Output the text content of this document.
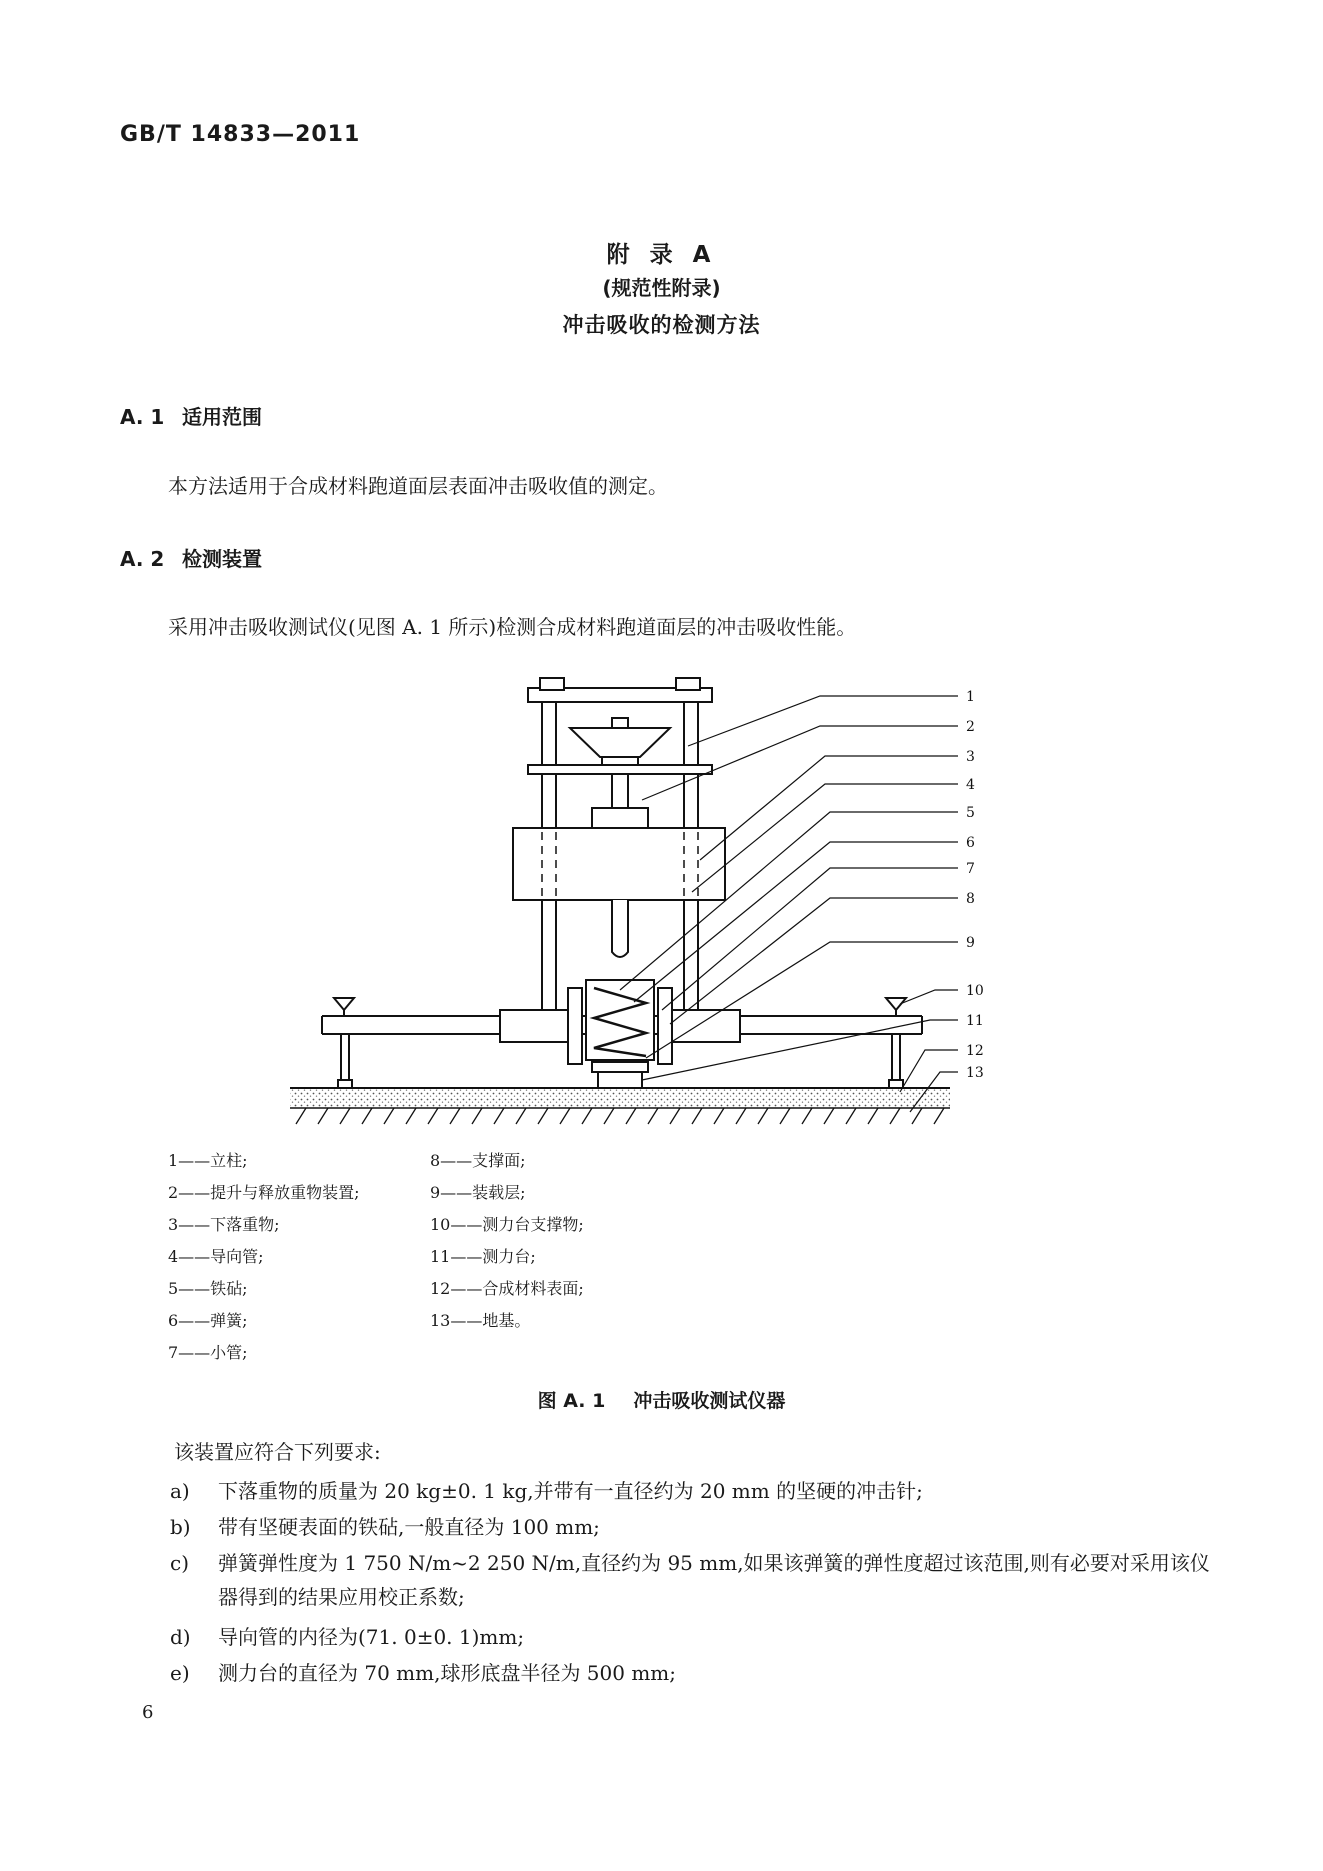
GB/T 14833—2011
附 录 A
(规范性附录)
冲击吸收的检测方法
A. 1 适用范围
本方法适用于合成材料跑道面层表面冲击吸收值的测定。
A. 2 检测装置
采用冲击吸收测试仪(见图 A. 1 所示)检测合成材料跑道面层的冲击吸收性能。
1
2
3
4
5
6
7
8
9
10
11
12
13
1——立柱;
2——提升与释放重物装置;
3——下落重物;
4——导向管;
5——铁砧;
6——弹簧;
7——小管;
8——支撑面;
9——装载层;
10——测力台支撑物;
11——测力台;
12——合成材料表面;
13——地基。
图 A. 1 冲击吸收测试仪器
该装置应符合下列要求:
a) 下落重物的质量为 20 kg±0. 1 kg,并带有一直径约为 20 mm 的坚硬的冲击针;
b) 带有坚硬表面的铁砧,一般直径为 100 mm;
c) 弹簧弹性度为 1 750 N/m~2 250 N/m,直径约为 95 mm,如果该弹簧的弹性度超过该范围,则有必要对采用该仪器得到的结果应用校正系数;
d) 导向管的内径为(71. 0±0. 1)mm;
e) 测力台的直径为 70 mm,球形底盘半径为 500 mm;
6
